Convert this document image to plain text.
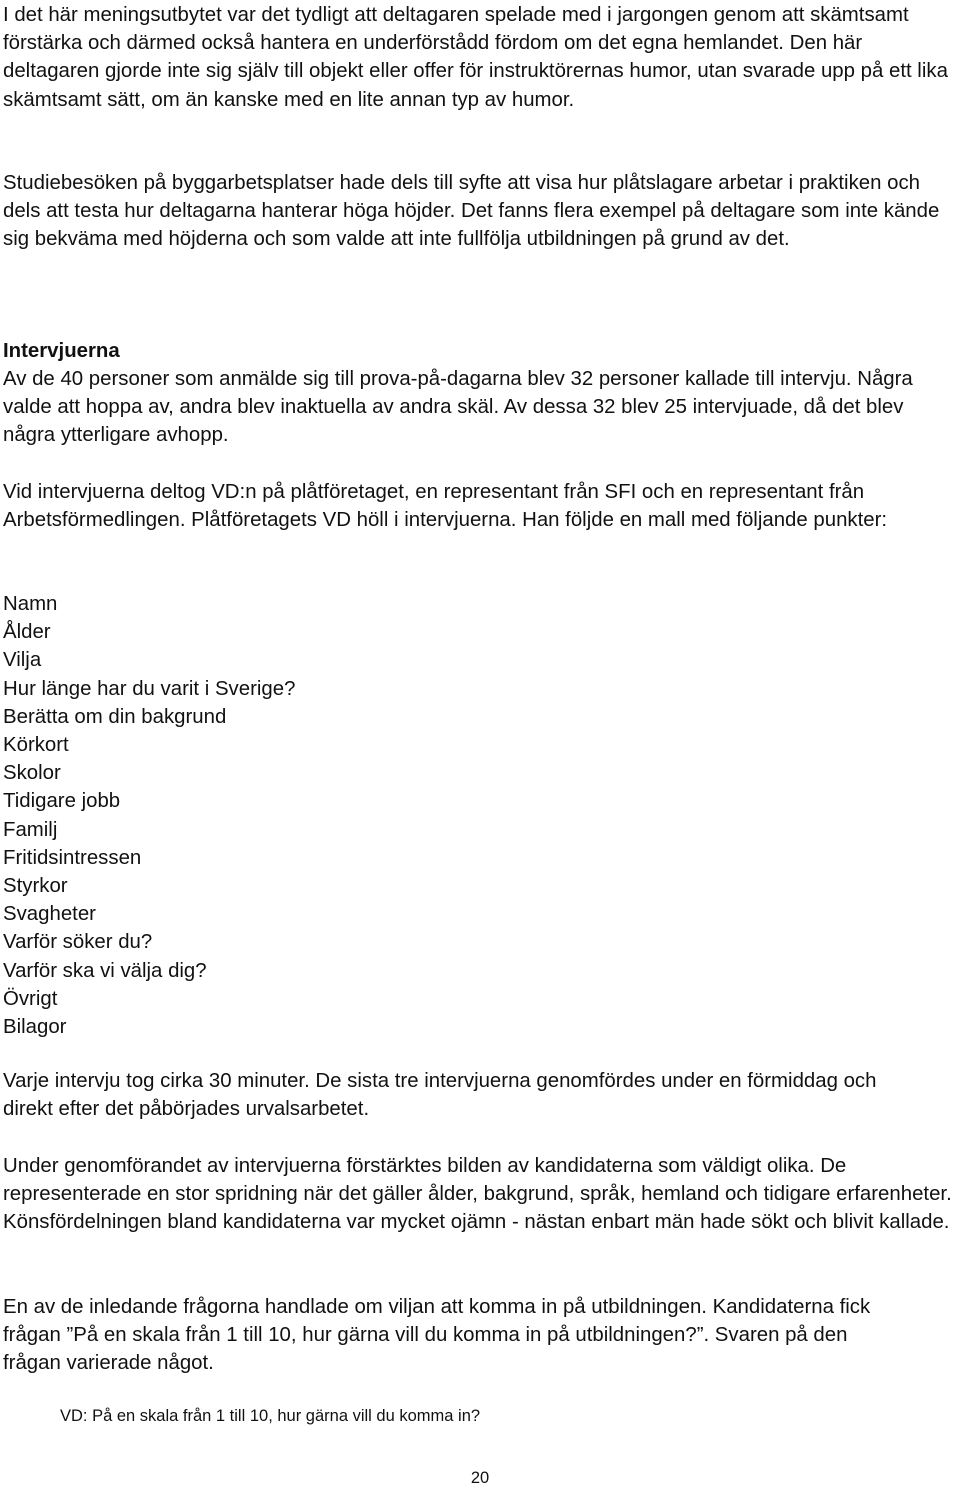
I det här meningsutbytet var det tydligt att deltagaren spelade med i jargongen genom att skämtsamt förstärka och därmed också hantera en underförstådd fördom om det egna hemlandet. Den här deltagaren gjorde inte sig själv till objekt eller offer för instruktörernas humor, utan svarade upp på ett lika skämtsamt sätt, om än kanske med en lite annan typ av humor.

Studiebesöken på byggarbetsplatser hade dels till syfte att visa hur plåtslagare arbetar i praktiken och dels att testa hur deltagarna hanterar höga höjder. Det fanns flera exempel på deltagare som inte kände sig bekväma med höjderna och som valde att inte fullfölja utbildningen på grund av det.

Intervjuerna

Av de 40 personer som anmälde sig till prova-på-dagarna blev 32 personer kallade till intervju. Några valde att hoppa av, andra blev inaktuella av andra skäl. Av dessa 32 blev 25 intervjuade, då det blev några ytterligare avhopp.

Vid intervjuerna deltog VD:n på plåtföretaget, en representant från SFI och en representant från Arbetsförmedlingen. Plåtföretagets VD höll i intervjuerna. Han följde en mall med följande punkter:

Namn
Ålder
Vilja
Hur länge har du varit i Sverige?
Berätta om din bakgrund
Körkort
Skolor
Tidigare jobb
Familj
Fritidsintressen
Styrkor
Svagheter
Varför söker du?
Varför ska vi välja dig?
Övrigt
Bilagor

Varje intervju tog cirka 30 minuter. De sista tre intervjuerna genomfördes under en förmiddag och direkt efter det påbörjades urvalsarbetet.

Under genomförandet av intervjuerna förstärktes bilden av kandidaterna som väldigt olika. De representerade en stor spridning när det gäller ålder, bakgrund, språk, hemland och tidigare erfarenheter. Könsfördelningen bland kandidaterna var mycket ojämn - nästan enbart män hade sökt och blivit kallade.

En av de inledande frågorna handlade om viljan att komma in på utbildningen. Kandidaterna fick frågan ”På en skala från 1 till 10, hur gärna vill du komma in på utbildningen?”. Svaren på den frågan varierade något.

VD: På en skala från 1 till 10, hur gärna vill du komma in?

20
